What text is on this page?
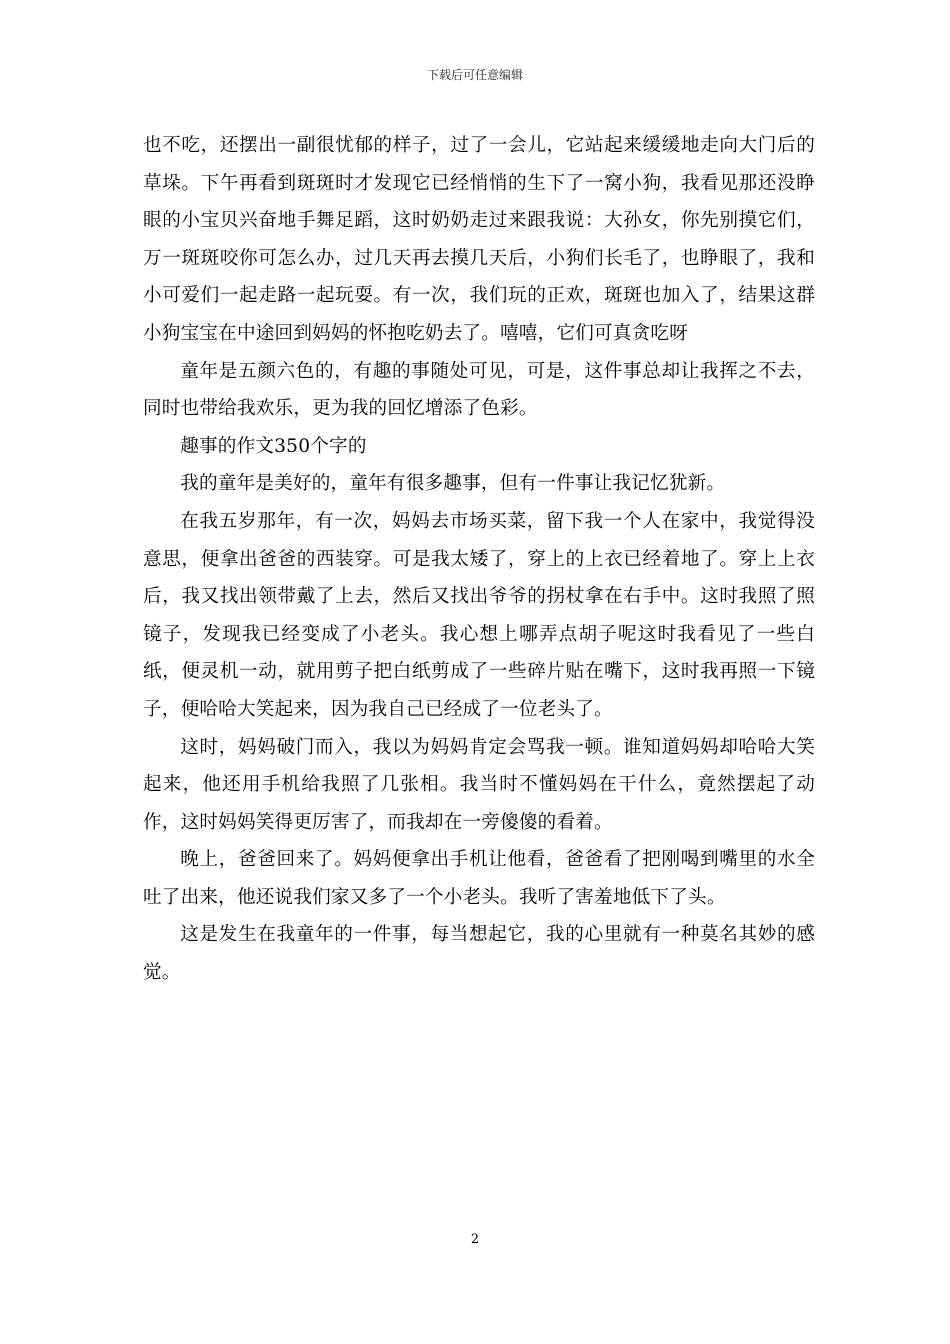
下载后可任意编辑

也不吃，还摆出一副很忧郁的样子，过了一会儿，它站起来缓缓地走向大门后的草垛。下午再看到斑斑时才发现它已经悄悄的生下了一窝小狗，我看见那还没睁眼的小宝贝兴奋地手舞足蹈，这时奶奶走过来跟我说：大孙女，你先别摸它们，万一斑斑咬你可怎么办，过几天再去摸几天后，小狗们长毛了，也睁眼了，我和小可爱们一起走路一起玩耍。有一次，我们玩的正欢，斑斑也加入了，结果这群小狗宝宝在中途回到妈妈的怀抱吃奶去了。嘻嘻，它们可真贪吃呀

童年是五颜六色的，有趣的事随处可见，可是，这件事总却让我挥之不去，同时也带给我欢乐，更为我的回忆增添了色彩。

趣事的作文350个字的

我的童年是美好的，童年有很多趣事，但有一件事让我记忆犹新。

在我五岁那年，有一次，妈妈去市场买菜，留下我一个人在家中，我觉得没意思，便拿出爸爸的西装穿。可是我太矮了，穿上的上衣已经着地了。穿上上衣后，我又找出领带戴了上去，然后又找出爷爷的拐杖拿在右手中。这时我照了照镜子，发现我已经变成了小老头。我心想上哪弄点胡子呢这时我看见了一些白纸，便灵机一动，就用剪子把白纸剪成了一些碎片贴在嘴下，这时我再照一下镜子，便哈哈大笑起来，因为我自己已经成了一位老头了。

这时，妈妈破门而入，我以为妈妈肯定会骂我一顿。谁知道妈妈却哈哈大笑起来，他还用手机给我照了几张相。我当时不懂妈妈在干什么，竟然摆起了动作，这时妈妈笑得更厉害了，而我却在一旁傻傻的看着。

晚上，爸爸回来了。妈妈便拿出手机让他看，爸爸看了把刚喝到嘴里的水全吐了出来，他还说我们家又多了一个小老头。我听了害羞地低下了头。

这是发生在我童年的一件事，每当想起它，我的心里就有一种莫名其妙的感觉。

2
